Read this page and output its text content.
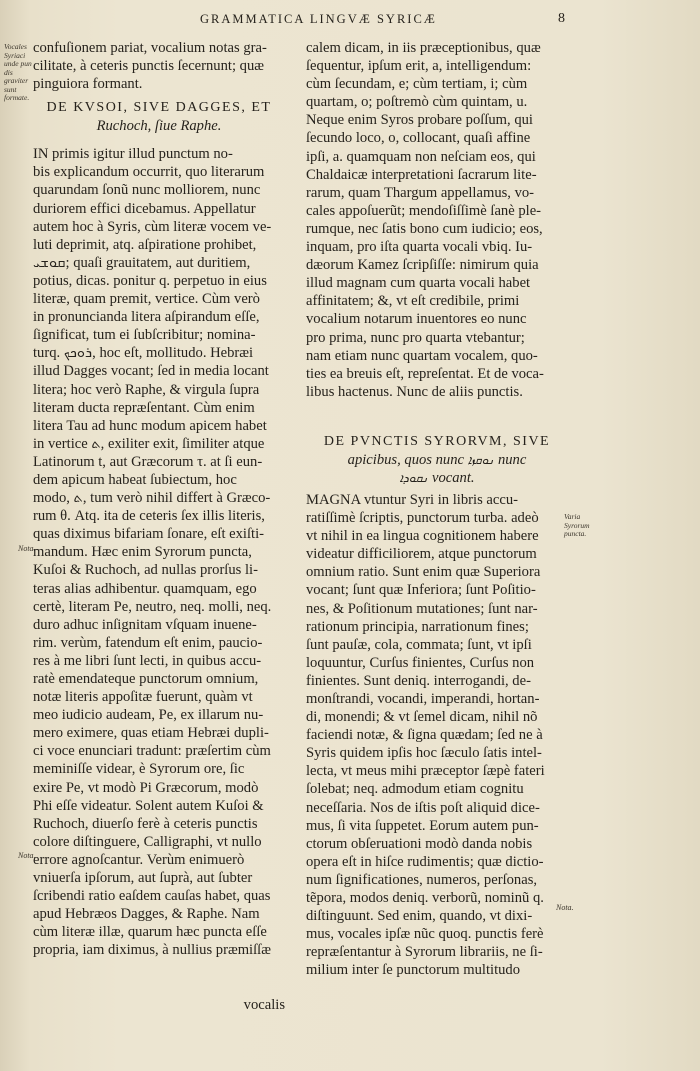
GRAMMATICA LINGVÆ SYRICÆ	8
Vocales Syriaci unde pun dis graviter sunt formate.
Nota.
Nota.
Varia Syrorum puncta.
Nota.
confuſionem pariat, vocalium notas gra-
cilitate, à ceteris punctis ſecernunt; quæ
pinguiora formant.
DE KVSOI, SIVE DAGGES, ET
Ruchoch, ſiue Raphe.
IN primis igitur illud punctum no-
bis explicandum occurrit, quo literarum
quarundam ſonũ nunc molliorem, nunc
duriorem effici dicebamus. Appellatur
autem hoc à Syris, cùm literæ vocem ve-
luti deprimit, atq. aſpiratione prohibet,
ܩܘܫܝ; quaſi grauitatem, aut duritiem,
potius, dicas. ponitur q. perpetuo in eius
literæ, quam premit, vertice. Cùm verò
in pronuncianda litera aſpirandum eſſe,
ſignificat, tum ei ſubſcribitur; nomina-
turq. ܪܘܟܟ, hoc eſt, mollitudo. Hebræi
illud Dagges vocant; ſed in media locant
litera; hoc verò Raphe, & virgula ſupra
literam ducta repræſentant. Cùm enim
litera Tau ad hunc modum apicem habet
in vertice ܬ, exiliter exit, ſimiliter atque
Latinorum t, aut Græcorum τ. at ſi eun-
dem apicum habeat ſubiectum, hoc
modo, ܬ, tum verò nihil differt à Græco-
rum θ. Atq. ita de ceteris ſex illis literis,
quas diximus bifariam ſonare, eſt exiſti-
mandum. Hæc enim Syrorum puncta,
Kuſoi & Ruchoch, ad nullas prorſus li-
teras alias adhibentur. quamquam, ego
certè, literam Pe, neutro, neq. molli, neq.
duro adhuc inſignitam vſquam inuene-
rim. verùm, fatendum eſt enim, paucio-
res à me libri ſunt lecti, in quibus accu-
ratè emendateque punctorum omnium,
notæ literis appoſitæ fuerunt, quàm vt
meo iudicio audeam, Pe, ex illarum nu-
mero eximere, quas etiam Hebræi dupli-
ci voce enunciari tradunt: præſertim cùm
meminiſſe videar, è Syrorum ore, ſic
exire Pe, vt modò Pi Græcorum, modò
Phi eſſe videatur. Solent autem Kuſoi &
Ruchoch, diuerſo ferè à ceteris punctis
colore diſtinguere, Calligraphi, vt nullo
errore agnoſcantur. Verùm enimuerò
vniuerſa ipſorum, aut ſuprà, aut ſubter
ſcribendi ratio eaſdem cauſas habet, quas
apud Hebræos Dagges, & Raphe. Nam
cùm literæ illæ, quarum hæc puncta eſſe
propria, iam diximus, à nullius præmiſſæ
vocalis
calem dicam, in iis præceptionibus, quæ
ſequentur, ipſum erit, a, intelligendum:
cùm ſecundam, e; cùm tertiam, i; cùm
quartam, o; poſtremò cùm quintam, u.
Neque enim Syros probare poſſum, qui
ſecundo loco, o, collocant, quaſi affine
ipſi, a. quamquam non neſciam eos, qui
Chaldaicæ interpretationi ſacrarum lite-
rarum, quam Thargum appellamus, vo-
cales appoſuerũt; mendoſiſſimè ſanè ple-
rumque, nec ſatis bono cum iudicio; eos,
inquam, pro iſta quarta vocali vbiq. Iu-
dæorum Kamez ſcripſiſſe: nimirum quia
illud magnam cum quarta vocali habet
affinitatem; &, vt eſt credibile, primi
vocalium notarum inuentores eo nunc
pro prima, nunc pro quarta vtebantur;
nam etiam nunc quartam vocalem, quo-
ties ea breuis eſt, repreſentat. Et de voca-
libus hactenus. Nunc de aliis punctis.
DE PVNCTIS SYRORVM, SIVE
apicibus, quos nunc ܢܘܩܙܐ nunc
ܢܩܘܕܐ vocant.
MAGNA vtuntur Syri in libris accu-
ratiſſimè ſcriptis, punctorum turba. adeò
vt nihil in ea lingua cognitionem habere
videatur difficiliorem, atque punctorum
omnium ratio. Sunt enim quæ Superiora
vocant; ſunt quæ Inferiora; ſunt Poſitio-
nes, & Poſitionum mutationes; ſunt nar-
rationum principia, narrationum fines;
ſunt pauſæ, cola, commata; ſunt, vt ipſi
loquuntur, Curſus finientes, Curſus non
finientes. Sunt deniq. interrogandi, de-
monſtrandi, vocandi, imperandi, hortan-
di, monendi; & vt ſemel dicam, nihil nõ
faciendi notæ, & ſigna quædam; ſed ne à
Syris quidem ipſis hoc ſæculo ſatis intel-
lecta, vt meus mihi præceptor ſæpè fateri
ſolebat; neq. admodum etiam cognitu
neceſſaria. Nos de iſtis poſt aliquid dice-
mus, ſi vita ſuppetet. Eorum autem pun-
ctorum obſeruationi modò danda nobis
opera eſt in hiſce rudimentis; quæ dictio-
num ſignificationes, numeros, perſonas,
tẽpora, modos deniq. verborũ, nominũ q.
diſtinguunt. Sed enim, quando, vt dixi-
mus, vocales ipſæ nũc quoq. punctis ferè
repræſentantur à Syrorum librariis, ne ſi-
milium inter ſe punctorum multitudo
